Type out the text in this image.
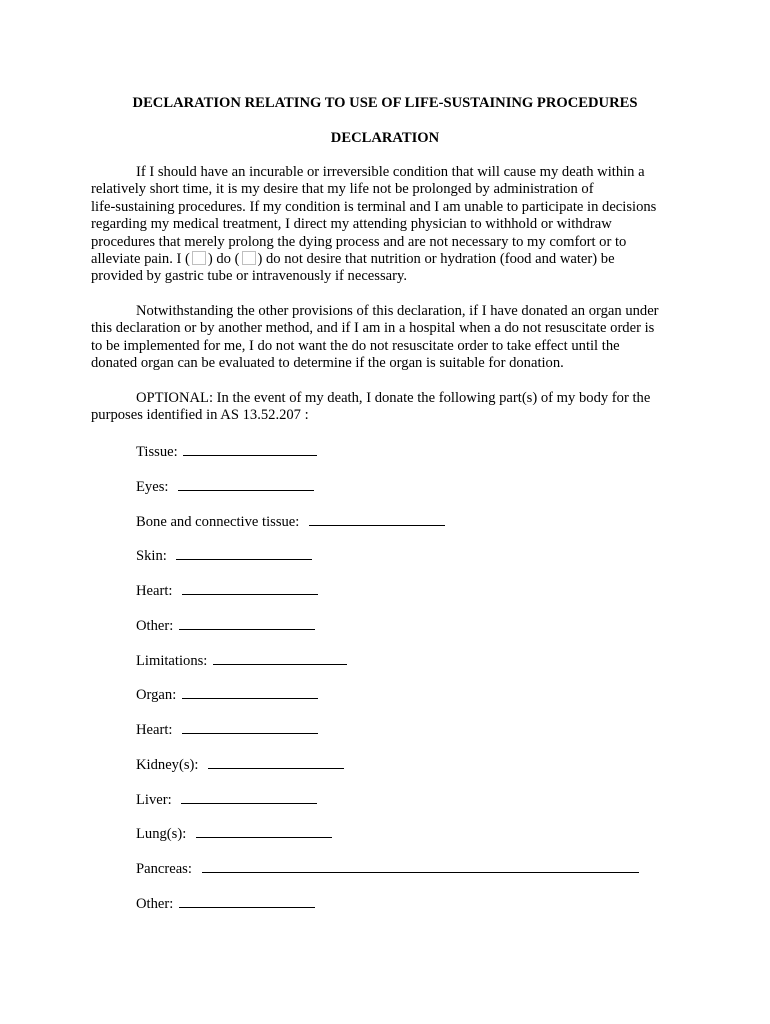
DECLARATION RELATING TO USE OF LIFE-SUSTAINING PROCEDURES
DECLARATION
If I should have an incurable or irreversible condition that will cause my death within a
relatively short time, it is my desire that my life not be prolonged by administration of
life-sustaining procedures. If my condition is terminal and I am unable to participate in decisions
regarding my medical treatment, I direct my attending physician to withhold or withdraw
procedures that merely prolong the dying process and are not necessary to my comfort or to
alleviate pain. I ( ) do ( ) do not desire that nutrition or hydration (food and water) be
provided by gastric tube or intravenously if necessary.
Notwithstanding the other provisions of this declaration, if I have donated an organ under
this declaration or by another method, and if I am in a hospital when a do not resuscitate order is
to be implemented for me, I do not want the do not resuscitate order to take effect until the
donated organ can be evaluated to determine if the organ is suitable for donation.
OPTIONAL: In the event of my death, I donate the following part(s) of my body for the
purposes identified in AS 13.52.207 :
Tissue:
Eyes:
Bone and connective tissue:
Skin:
Heart:
Other:
Limitations:
Organ:
Heart:
Kidney(s):
Liver:
Lung(s):
Pancreas:
Other:
